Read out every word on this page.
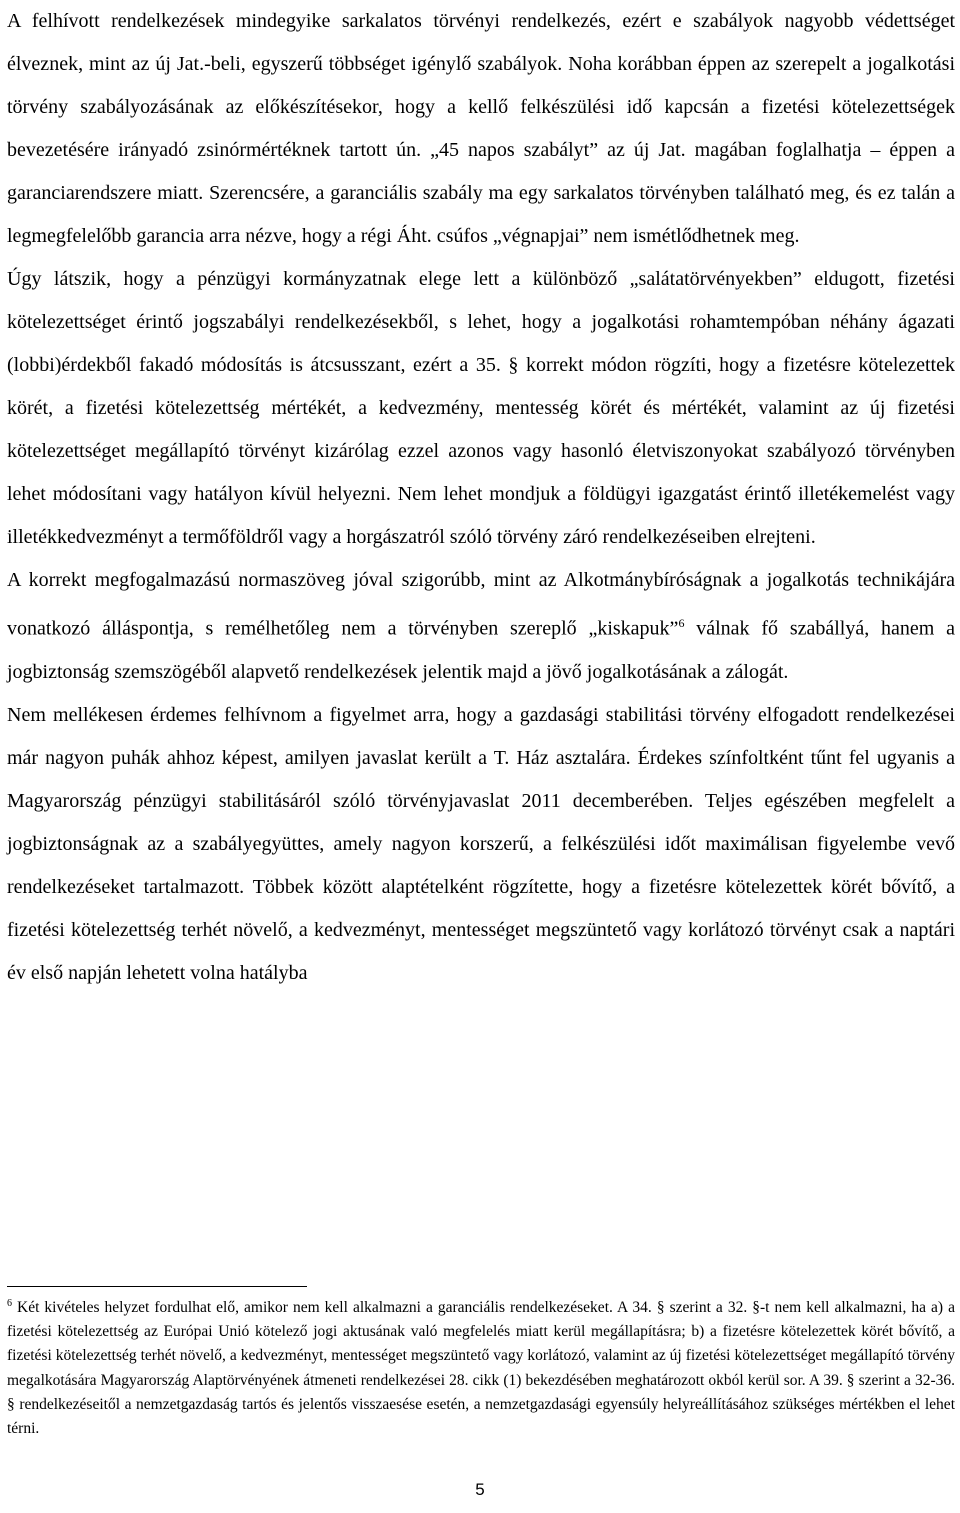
A felhívott rendelkezések mindegyike sarkalatos törvényi rendelkezés, ezért e szabályok nagyobb védettséget élveznek, mint az új Jat.-beli, egyszerű többséget igénylő szabályok. Noha korábban éppen az szerepelt a jogalkotási törvény szabályozásának az előkészítésekor, hogy a kellő felkészülési idő kapcsán a fizetési kötelezettségek bevezetésére irányadó zsinórmértéknek tartott ún. „45 napos szabályt” az új Jat. magában foglalhatja – éppen a garanciarendszere miatt. Szerencsére, a garanciális szabály ma egy sarkalatos törvényben található meg, és ez talán a legmegfelelőbb garancia arra nézve, hogy a régi Áht. csúfos „végnapjai” nem ismétlődhetnek meg.

Úgy látszik, hogy a pénzügyi kormányzatnak elege lett a különböző „salátatörvényekben” eldugott, fizetési kötelezettséget érintő jogszabályi rendelkezésekből, s lehet, hogy a jogalkotási rohamtempóban néhány ágazati (lobbi)érdekből fakadó módosítás is átcsusszant, ezért a 35. § korrekt módon rögzíti, hogy a fizetésre kötelezettek körét, a fizetési kötelezettség mértékét, a kedvezmény, mentesség körét és mértékét, valamint az új fizetési kötelezettséget megállapító törvényt kizárólag ezzel azonos vagy hasonló életviszonyokat szabályozó törvényben lehet módosítani vagy hatályon kívül helyezni. Nem lehet mondjuk a földügyi igazgatást érintő illetékemelést vagy illetékkedvezményt a termőföldről vagy a horgászatról szóló törvény záró rendelkezéseiben elrejteni.

A korrekt megfogalmazású normaszöveg jóval szigorúbb, mint az Alkotmánybíróságnak a jogalkotás technikájára vonatkozó álláspontja, s remélhetőleg nem a törvényben szereplő „kiskapuk”$^6$ válnak fő szabállyá, hanem a jogbiztonság szemszögéből alapvető rendelkezések jelentik majd a jövő jogalkotásának a zálogát.

Nem mellékesen érdemes felhívnom a figyelmet arra, hogy a gazdasági stabilitási törvény elfogadott rendelkezései már nagyon puhák ahhoz képest, amilyen javaslat került a T. Ház asztalára. Érdekes színfoltként tűnt fel ugyanis a Magyarország pénzügyi stabilitásáról szóló törvényjavaslat 2011 decemberében. Teljes egészében megfelelt a jogbiztonságnak az a szabályegyüttes, amely nagyon korszerű, a felkészülési időt maximálisan figyelembe vevő rendelkezéseket tartalmazott. Többek között alaptételként rögzítette, hogy a fizetésre kötelezettek körét bővítő, a fizetési kötelezettség terhét növelő, a kedvezményt, mentességet megszüntető vagy korlátozó törvényt csak a naptári év első napján lehetett volna hatályba

$^6$ Két kivételes helyzet fordulhat elő, amikor nem kell alkalmazni a garanciális rendelkezéseket. A 34. § szerint a 32. §-t nem kell alkalmazni, ha a) a fizetési kötelezettség az Európai Unió kötelező jogi aktusának való megfelelés miatt kerül megállapításra; b) a fizetésre kötelezettek körét bővítő, a fizetési kötelezettség terhét növelő, a kedvezményt, mentességet megszüntető vagy korlátozó, valamint az új fizetési kötelezettséget megállapító törvény megalkotására Magyarország Alaptörvényének átmeneti rendelkezései 28. cikk (1) bekezdésében meghatározott okból kerül sor. A 39. § szerint a 32-36. § rendelkezéseitől a nemzetgazdaság tartós és jelentős visszaesése esetén, a nemzetgazdasági egyensúly helyreállításához szükséges mértékben el lehet térni.

5
